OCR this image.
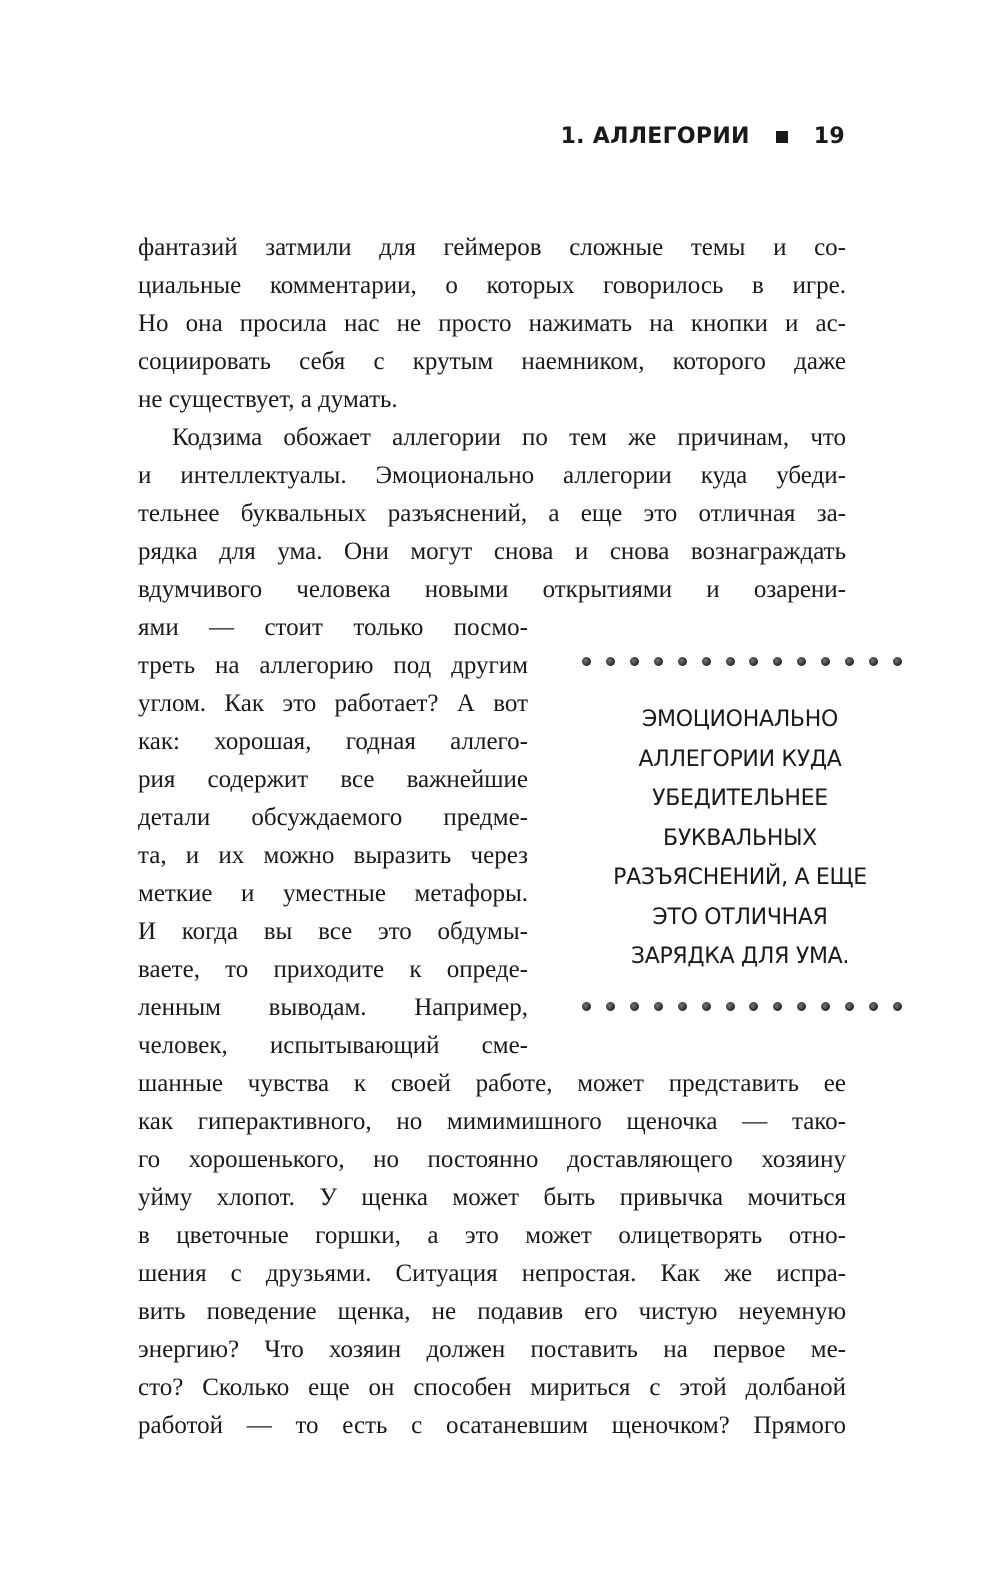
1. АЛЛЕГОРИИ	19
фантазий затмили для геймеров сложные темы и со-
циальные комментарии, о которых говорилось в игре.
Но она просила нас не просто нажимать на кнопки и ас-
социировать себя с крутым наемником, которого даже
не существует, а думать.
Кодзима обожает аллегории по тем же причинам, что
и интеллектуалы. Эмоционально аллегории куда убеди-
тельнее буквальных разъяснений, а еще это отличная за-
рядка для ума. Они могут снова и снова вознаграждать
вдумчивого человека новыми открытиями и озарени-
ями — стоит только посмо-
треть на аллегорию под другим
углом. Как это работает? А вот
как: хорошая, годная аллего-
рия содержит все важнейшие
детали обсуждаемого предме-
та, и их можно выразить через
меткие и уместные метафоры.
И когда вы все это обдумы-
ваете, то приходите к опреде-
ленным выводам. Например,
человек, испытывающий сме-
шанные чувства к своей работе, может представить ее
как гиперактивного, но мимимишного щеночка — тако-
го хорошенького, но постоянно доставляющего хозяину
уйму хлопот. У щенка может быть привычка мочиться
в цветочные горшки, а это может олицетворять отно-
шения с друзьями. Ситуация непростая. Как же испра-
вить поведение щенка, не подавив его чистую неуемную
энергию? Что хозяин должен поставить на первое ме-
сто? Сколько еще он способен мириться с этой долбаной
работой — то есть с осатаневшим щеночком? Прямого
ЭМОЦИОНАЛЬНО
АЛЛЕГОРИИ КУДА
УБЕДИТЕЛЬНЕЕ
БУКВАЛЬНЫХ
РАЗЪЯСНЕНИЙ, А ЕЩЕ
ЭТО ОТЛИЧНАЯ
ЗАРЯДКА ДЛЯ УМА.
